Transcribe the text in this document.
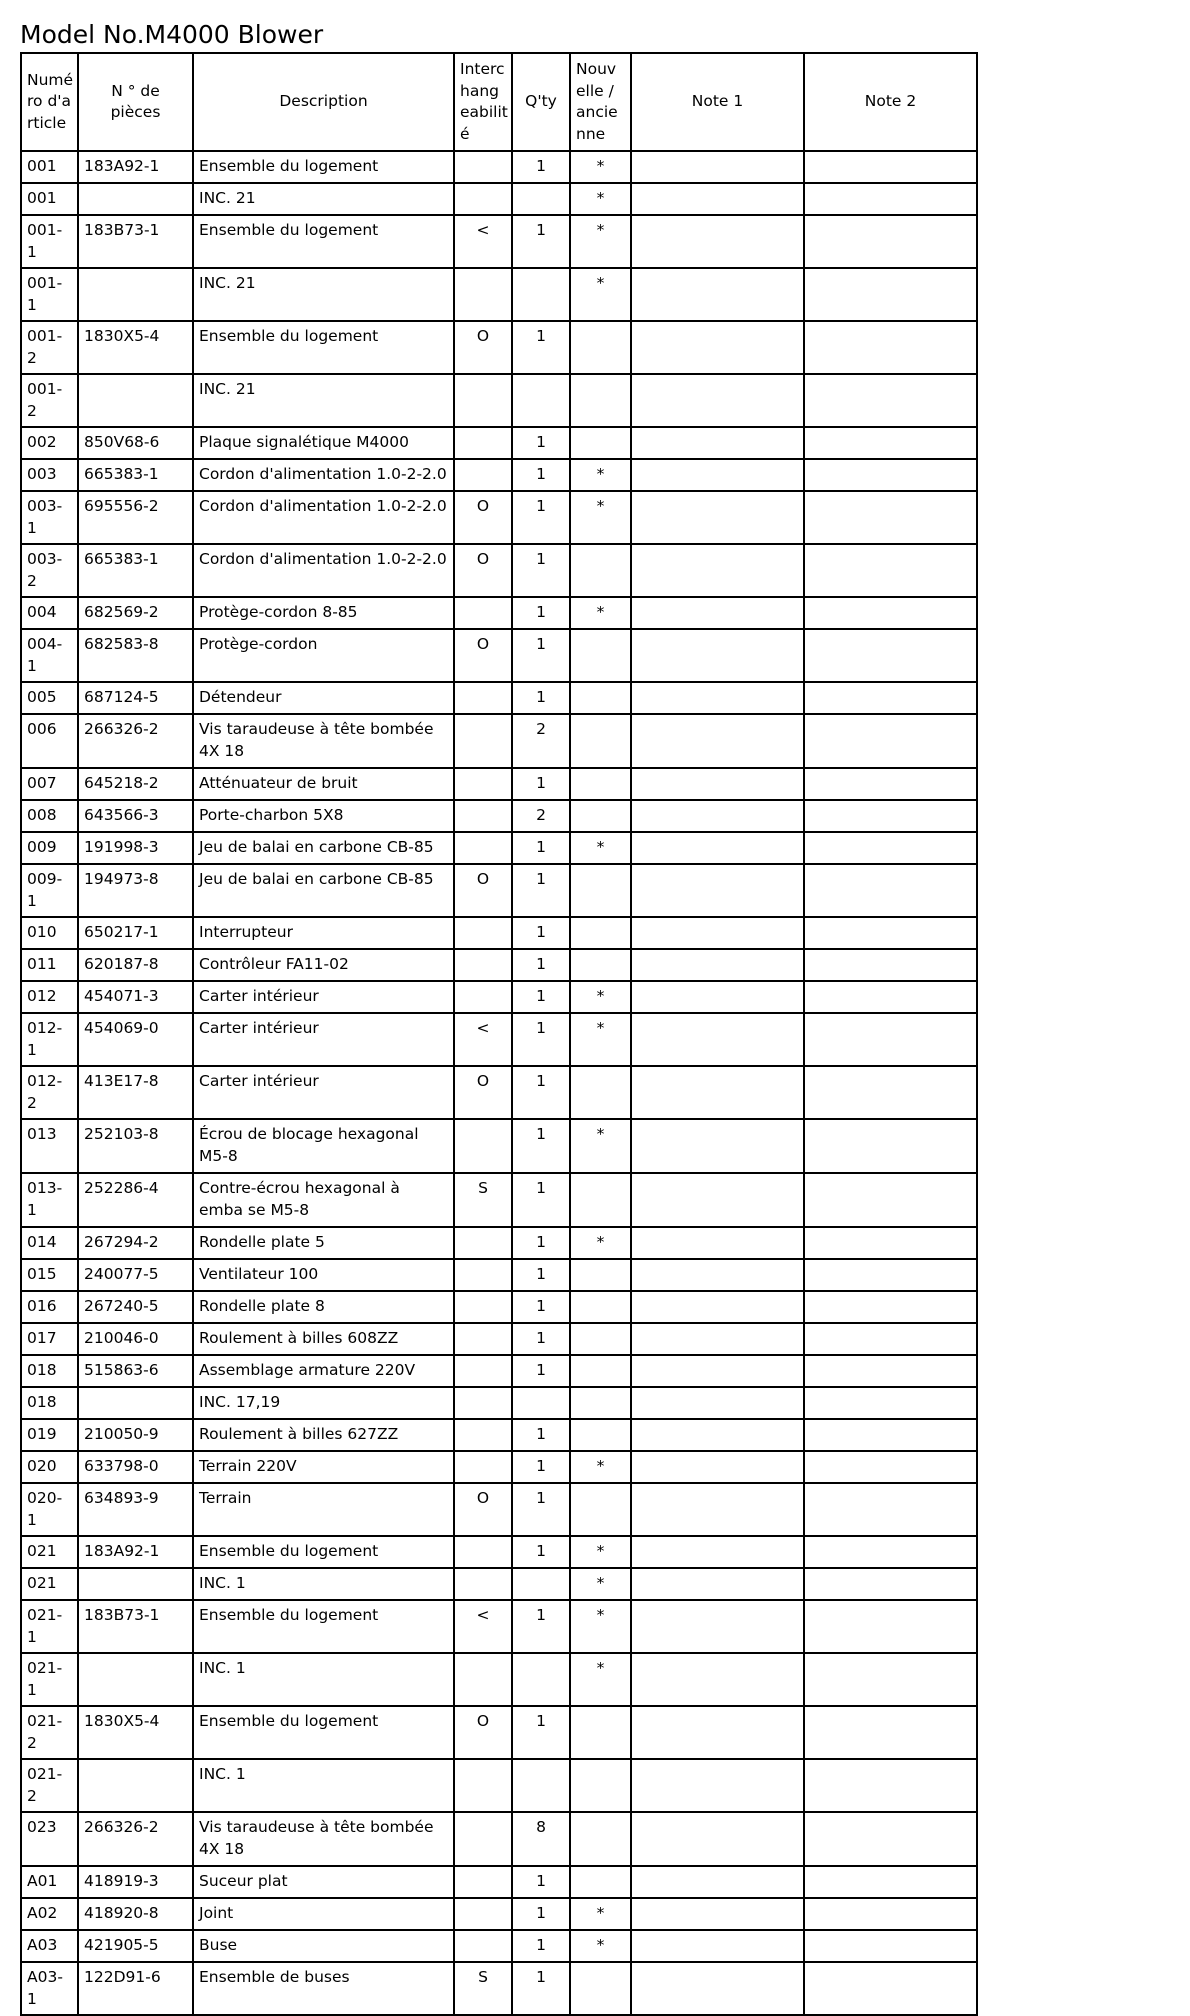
Model No.M4000 Blower
Numé ro d'a rticle	N ° de pièces	Description	Interc hang eabilit é	Q'ty	Nouv elle / ancie nne	Note 1	Note 2
001	183A92-1	Ensemble du logement		1	*		
001		INC. 21			*		
001-1	183B73-1	Ensemble du logement	<	1	*		
001-1		INC. 21			*		
001-2	1830X5-4	Ensemble du logement	O	1			
001-2		INC. 21					
002	850V68-6	Plaque signalétique M4000		1			
003	665383-1	Cordon d'alimentation 1.0-2-2.0		1	*		
003-1	695556-2	Cordon d'alimentation 1.0-2-2.0	O	1	*		
003-2	665383-1	Cordon d'alimentation 1.0-2-2.0	O	1			
004	682569-2	Protège-cordon 8-85		1	*		
004-1	682583-8	Protège-cordon	O	1			
005	687124-5	Détendeur		1			
006	266326-2	Vis taraudeuse à tête bombée 4X 18		2			
007	645218-2	Atténuateur de bruit		1			
008	643566-3	Porte-charbon 5X8		2			
009	191998-3	Jeu de balai en carbone CB-85		1	*		
009-1	194973-8	Jeu de balai en carbone CB-85	O	1			
010	650217-1	Interrupteur		1			
011	620187-8	Contrôleur FA11-02		1			
012	454071-3	Carter intérieur		1	*		
012-1	454069-0	Carter intérieur	<	1	*		
012-2	413E17-8	Carter intérieur	O	1			
013	252103-8	Écrou de blocage hexagonal M5-8		1	*		
013-1	252286-4	Contre-écrou hexagonal à emba se M5-8	S	1			
014	267294-2	Rondelle plate 5		1	*		
015	240077-5	Ventilateur 100		1			
016	267240-5	Rondelle plate 8		1			
017	210046-0	Roulement à billes 608ZZ		1			
018	515863-6	Assemblage armature 220V		1			
018		INC. 17,19					
019	210050-9	Roulement à billes 627ZZ		1			
020	633798-0	Terrain 220V		1	*		
020-1	634893-9	Terrain	O	1			
021	183A92-1	Ensemble du logement		1	*		
021		INC. 1			*		
021-1	183B73-1	Ensemble du logement	<	1	*		
021-1		INC. 1			*		
021-2	1830X5-4	Ensemble du logement	O	1			
021-2		INC. 1					
023	266326-2	Vis taraudeuse à tête bombée 4X 18		8			
A01	418919-3	Suceur plat		1			
A02	418920-8	Joint		1	*		
A03	421905-5	Buse		1	*		
A03-1	122D91-6	Ensemble de buses	S	1			
